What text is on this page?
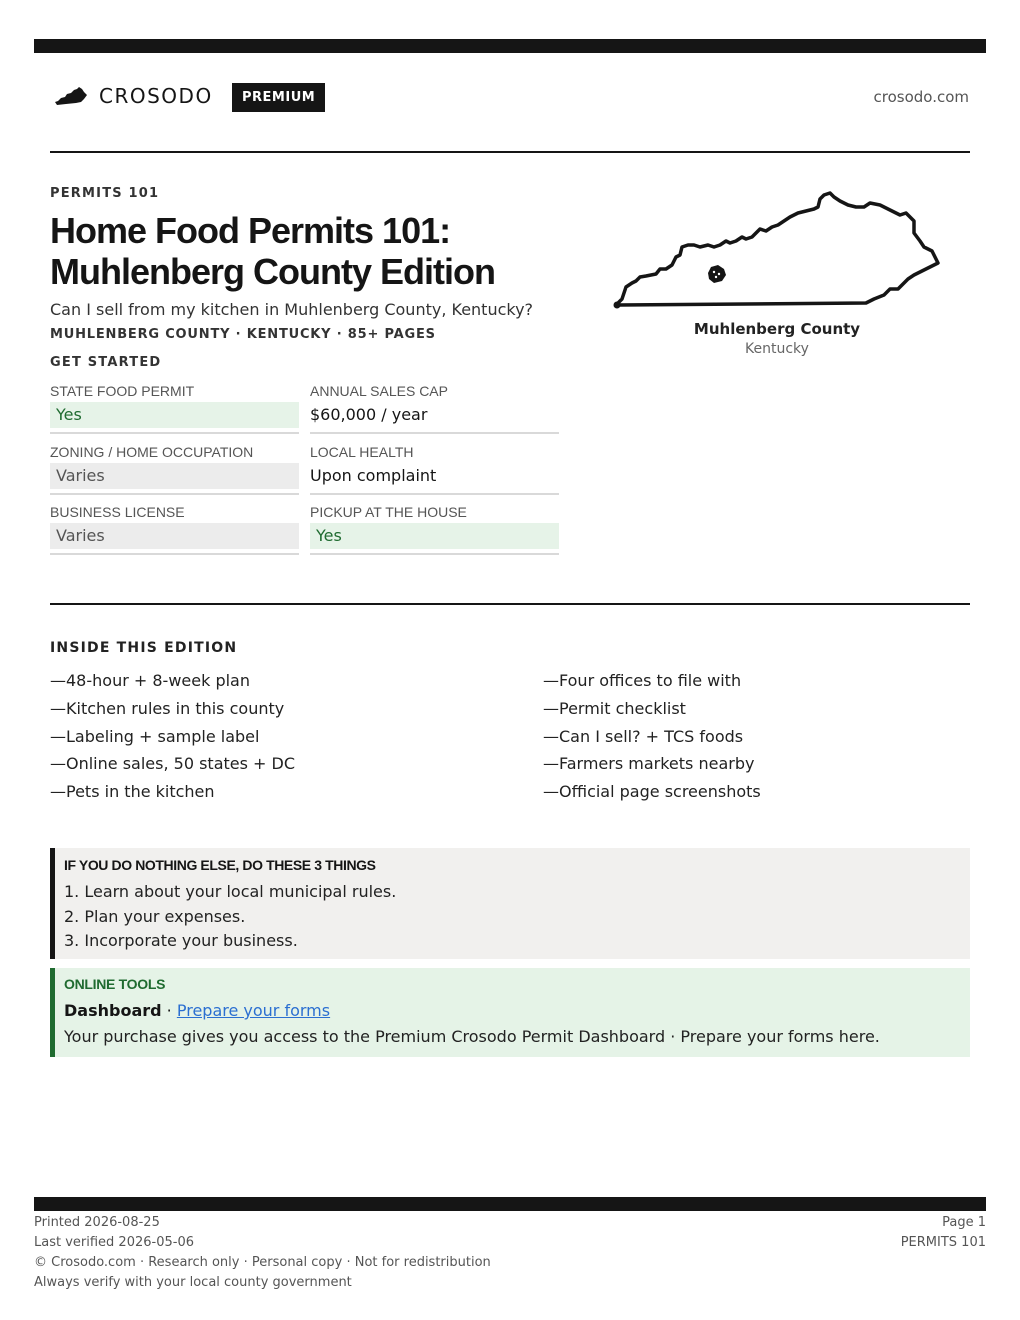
CROSODO	PREMIUM	crosodo.com
PERMITS 101
Home Food Permits 101:
Muhlenberg County Edition
Can I sell from my kitchen in Muhlenberg County, Kentucky?
MUHLENBERG COUNTY · KENTUCKY · 85+ PAGES
GET STARTED
STATE FOOD PERMIT
Yes
ANNUAL SALES CAP
$60,000 / year
ZONING / HOME OCCUPATION
Varies
LOCAL HEALTH
Upon complaint
BUSINESS LICENSE
Varies
PICKUP AT THE HOUSE
Yes
Muhlenberg County
Kentucky
INSIDE THIS EDITION
—48-hour + 8-week plan
—Kitchen rules in this county
—Labeling + sample label
—Online sales, 50 states + DC
—Pets in the kitchen
—Four offices to file with
—Permit checklist
—Can I sell? + TCS foods
—Farmers markets nearby
—Official page screenshots
IF YOU DO NOTHING ELSE, DO THESE 3 THINGS
1. Learn about your local municipal rules.
2. Plan your expenses.
3. Incorporate your business.
ONLINE TOOLS
Dashboard · Prepare your forms
Your purchase gives you access to the Premium Crosodo Permit Dashboard · Prepare your forms here.
Printed 2026-08-25
Last verified 2026-05-06
© Crosodo.com · Research only · Personal copy · Not for redistribution
Always verify with your local county government
Page 1
PERMITS 101
